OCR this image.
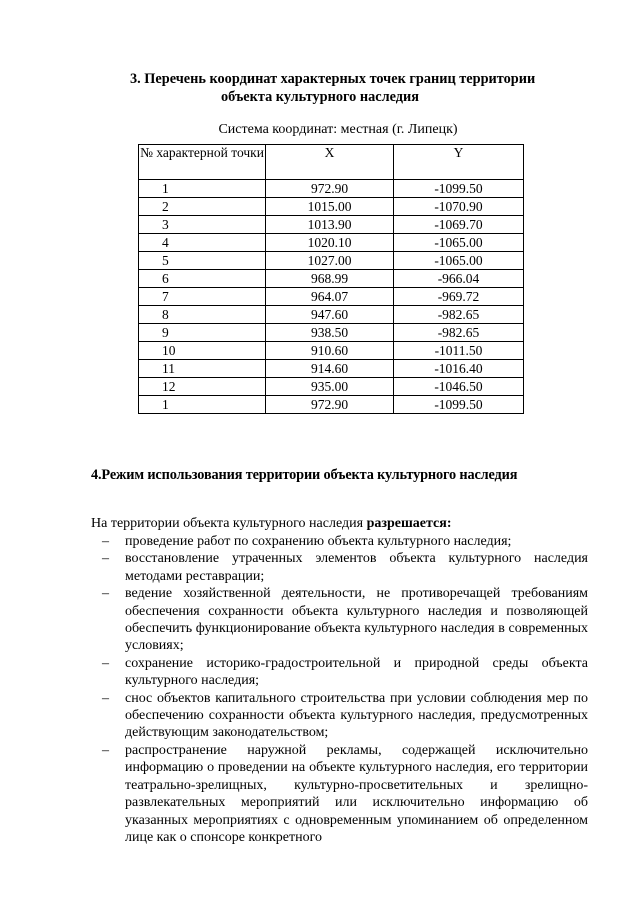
3. Перечень координат характерных точек границ территории
объекта культурного наследия
Система координат: местная (г. Липецк)
№ характерной точки	X	Y
1	972.90	-1099.50
2	1015.00	-1070.90
3	1013.90	-1069.70
4	1020.10	-1065.00
5	1027.00	-1065.00
6	968.99	-966.04
7	964.07	-969.72
8	947.60	-982.65
9	938.50	-982.65
10	910.60	-1011.50
11	914.60	-1016.40
12	935.00	-1046.50
1	972.90	-1099.50
4.Режим использования территории объекта культурного наследия
На территории объекта культурного наследия разрешается:
– проведение работ по сохранению объекта культурного наследия;
– восстановление утраченных элементов объекта культурного наследия методами реставрации;
– ведение хозяйственной деятельности, не противоречащей требованиям обеспечения сохранности объекта культурного наследия и позволяющей обеспечить функционирование объекта культурного наследия в современных условиях;
– сохранение историко-градостроительной и природной среды объекта культурного наследия;
– снос объектов капитального строительства при условии соблюдения мер по обеспечению сохранности объекта культурного наследия, предусмотренных действующим законодательством;
– распространение наружной рекламы, содержащей исключительно информацию о проведении на объекте культурного наследия, его территории театрально-зрелищных, культурно-просветительных и зрелищно-развлекательных мероприятий или исключительно информацию об указанных мероприятиях с одновременным упоминанием об определенном лице как о спонсоре конкретного
